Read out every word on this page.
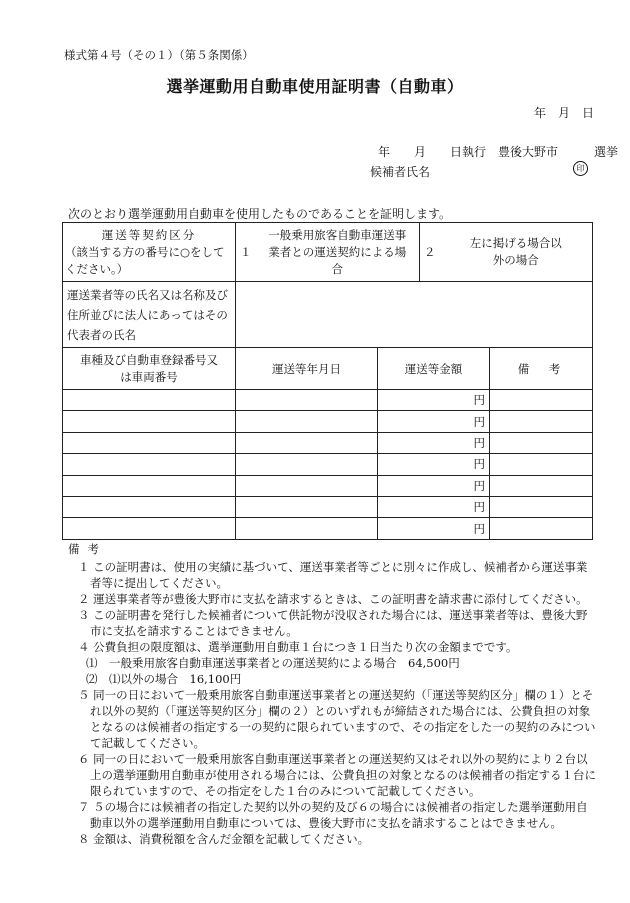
様式第４号（その１）（第５条関係）
選挙運動用自動車使用証明書（自動車）
年　月　日
年　　月　　日執行　豊後大野市　　　選挙
候補者氏名	印
次のとおり選挙運動用自動車を使用したものであることを証明します。
運送等契約区分
（該当する方の番号に○をしてください。）
	１	一般乗用旅客自動車運送事業者との運送契約による場合	２	左に掲げる場合以外の場合
運送業者等の氏名又は名称及び住所並びに法人にあってはその代表者の氏名	
車種及び自動車登録番号又は車両番号	運送等年月日	運送等金額	備　考
		円	
		円	
		円	
		円	
		円	
		円	
		円	
備考
１ この証明書は、使用の実績に基づいて、運送事業者等ごとに別々に作成し、候補者から運送事業者等に提出してください。
２ 運送事業者等が豊後大野市に支払を請求するときは、この証明書を請求書に添付してください。
３ この証明書を発行した候補者について供託物が没収された場合には、運送事業者等は、豊後大野市に支払を請求することはできません。
４ 公費負担の限度額は、選挙運動用自動車１台につき１日当たり次の金額までです。
⑴　一般乗用旅客自動車運送事業者との運送契約による場合　64,500円
⑵　⑴以外の場合　16,100円
５ 同一の日において一般乗用旅客自動車運送事業者との運送契約（「運送等契約区分」欄の１）とそれ以外の契約（「運送等契約区分」欄の２）とのいずれもが締結された場合には、公費負担の対象となるのは候補者の指定する一の契約に限られていますので、その指定をした一の契約のみについて記載してください。
６ 同一の日において一般乗用旅客自動車運送事業者との運送契約又はそれ以外の契約により２台以上の選挙運動用自動車が使用される場合には、公費負担の対象となるのは候補者の指定する１台に限られていますので、その指定をした１台のみについて記載してください。
７ ５の場合には候補者の指定した契約以外の契約及び６の場合には候補者の指定した選挙運動用自動車以外の選挙運動用自動車については、豊後大野市に支払を請求することはできません。
８ 金額は、消費税額を含んだ金額を記載してください。
